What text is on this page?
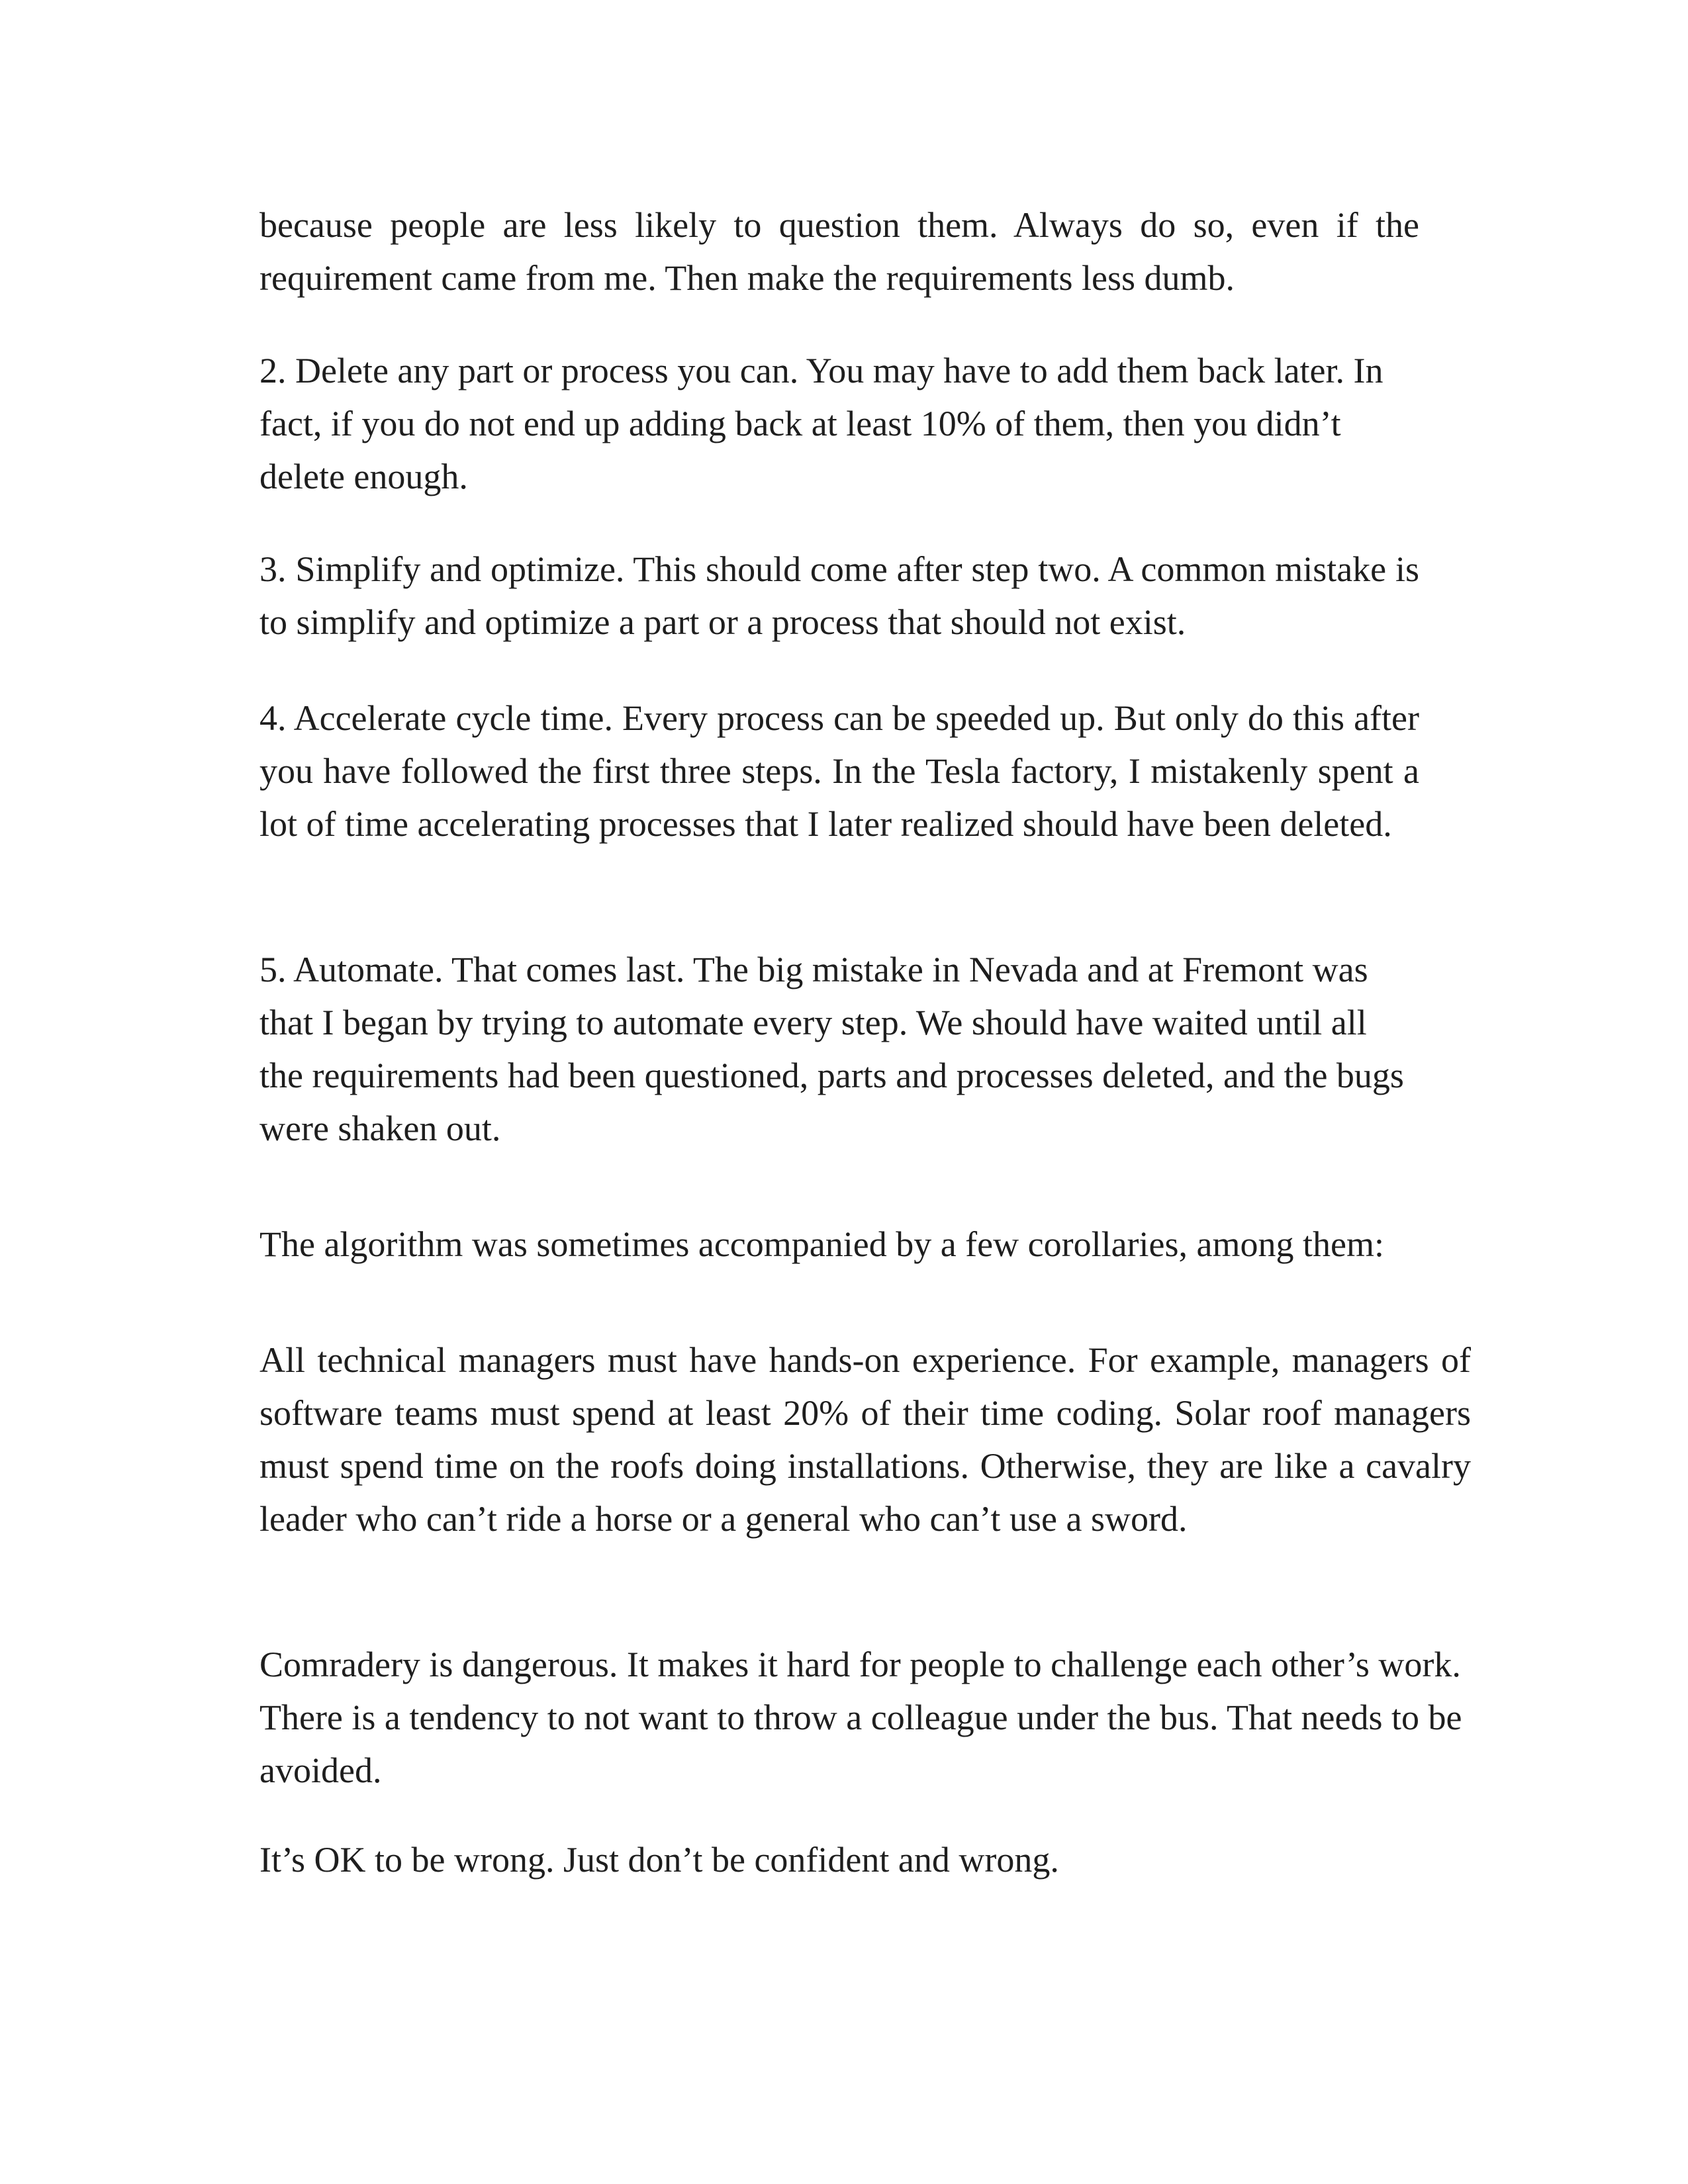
because people are less likely to question them. Always do so, even if the requirement came from me. Then make the requirements less dumb.

2. Delete any part or process you can. You may have to add them back later. In fact, if you do not end up adding back at least 10% of them, then you didn’t delete enough.

3. Simplify and optimize. This should come after step two. A common mistake is to simplify and optimize a part or a process that should not exist.

4. Accelerate cycle time. Every process can be speeded up. But only do this after you have followed the first three steps. In the Tesla factory, I mistakenly spent a lot of time accelerating processes that I later realized should have been deleted.

5. Automate. That comes last. The big mistake in Nevada and at Fremont was that I began by trying to automate every step. We should have waited until all the requirements had been questioned, parts and processes deleted, and the bugs were shaken out.

The algorithm was sometimes accompanied by a few corollaries, among them:

All technical managers must have hands-on experience. For example, managers of software teams must spend at least 20% of their time coding. Solar roof managers must spend time on the roofs doing installations. Otherwise, they are like a cavalry leader who can’t ride a horse or a general who can’t use a sword.

Comradery is dangerous. It makes it hard for people to challenge each other’s work. There is a tendency to not want to throw a colleague under the bus. That needs to be avoided.

It’s OK to be wrong. Just don’t be confident and wrong.
